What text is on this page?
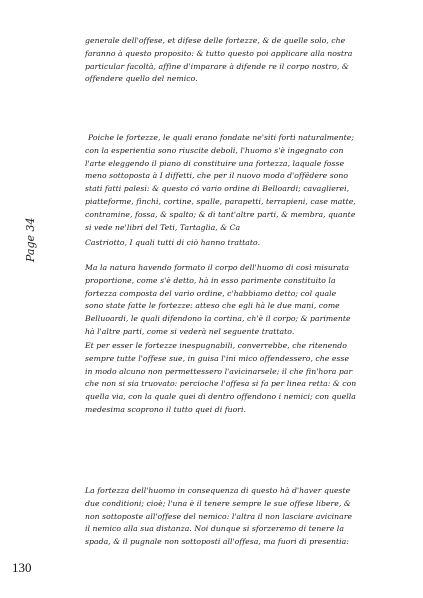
generale dell'offese, et difese delle fortezze, & de quelle solo, che
faranno à questo proposito: & tutto questo poi applicare alla nostra
particular facoltà, affine d'imparare à difende re il corpo nostro, &
offendere quello del nemico.
Poiche le fortezze, le quali erano fondate ne'siti forti naturalmente;
con la esperientia sono riuscite deboli, l'huomo s'è ingegnato con
l'arte eleggendo il piano di constituire una fortezza, laquale fosse
meno sottoposta à I diffetti, che per il nuovo modo d'offêdere sono
stati fatti palesi: & questo có vario ordine di Belloardi; cavaglierei,
piatteforme, finchi, cortine, spalle, parapetti, terrapieni, case matte,
contramine, fossa, & spalto; & di tant'altre parti, & membra, quante
si vede ne'libri del Teti, Tartaglia, & Ca
Castriotto, I quali tutti di ciò hanno trattato.
Ma la natura havendo formato il corpo dell'huomo di così misurata
proportione, come s'è detto, hà in esso parimente constituito la
fortezza composta del vario ordine, c'habbiamo detto; col quale
sono state fatte le fortezze: atteso che egli hà le due mani, come
Belluoardi, le quali difendono la cortina, ch'è il corpo; & parimente
hà l'altre parti, come si vederà nel seguente trattato.
Et per esser le fortezze inespugnabili, converrebbe, che ritenendo
sempre tutte l'offese sue, in guisa l'ini mico offendessero, che esse
in modo alcuno non permettessero l'avicinarsele; il che fin'hora par
che non si sia truovato: percioche l'offesa si fa per linea retta: & con
quella via, con la quale quei di dentro offendono i nemici; con quella
medesima scoprono il tutto quei di fuori.
La fortezza dell'huomo in consequenza di questo hà d'haver queste
due conditioni; cioè; l'una è il tenere sempre le sue offese libere, &
non sottoposte all'offese del nemico: l'altra il non lasciare avicinare
il nemico alla sua distanza. Noi dunque si sforzeremo di tenere la
spada, & il pugnale non sottoposti all'offesa, ma fuori di presentia:
Page 34
130
